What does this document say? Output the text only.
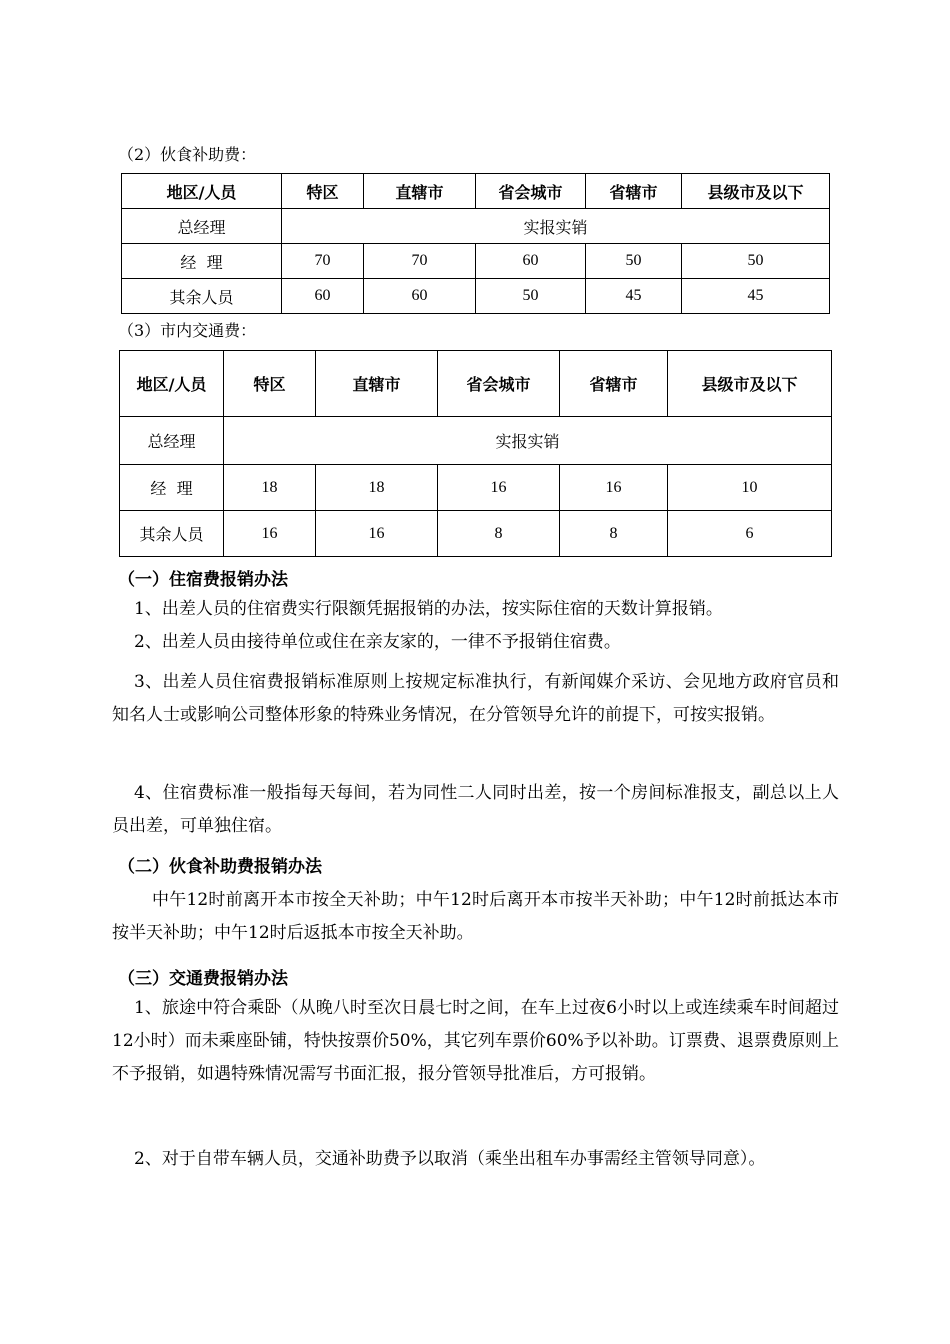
（2）伙食补助费：
地区/人员	特区	直辖市	省会城市	省辖市	县级市及以下
总经理	实报实销				
经  理	70	70	60	50	50
其余人员	60	60	50	45	45
（3）市内交通费：
地区/人员	特区	直辖市	省会城市	省辖市	县级市及以下
总经理	实报实销				
经  理	18	18	16	16	10
其余人员	16	16	8	8	6
（一）住宿费报销办法
1、出差人员的住宿费实行限额凭据报销的办法，按实际住宿的天数计算报销。
2、出差人员由接待单位或住在亲友家的，一律不予报销住宿费。
3、出差人员住宿费报销标准原则上按规定标准执行，有新闻媒介采访、会见地方政府官员和知名人士或影响公司整体形象的特殊业务情况，在分管领导允许的前提下，可按实报销。
4、住宿费标准一般指每天每间，若为同性二人同时出差，按一个房间标准报支，副总以上人员出差，可单独住宿。
（二）伙食补助费报销办法
中午12时前离开本市按全天补助；中午12时后离开本市按半天补助；中午12时前抵达本市按半天补助；中午12时后返抵本市按全天补助。
（三）交通费报销办法
1、旅途中符合乘卧（从晚八时至次日晨七时之间，在车上过夜6小时以上或连续乘车时间超过12小时）而未乘座卧铺，特快按票价50%，其它列车票价60%予以补助。订票费、退票费原则上不予报销，如遇特殊情况需写书面汇报，报分管领导批准后，方可报销。
2、对于自带车辆人员，交通补助费予以取消（乘坐出租车办事需经主管领导同意）。
